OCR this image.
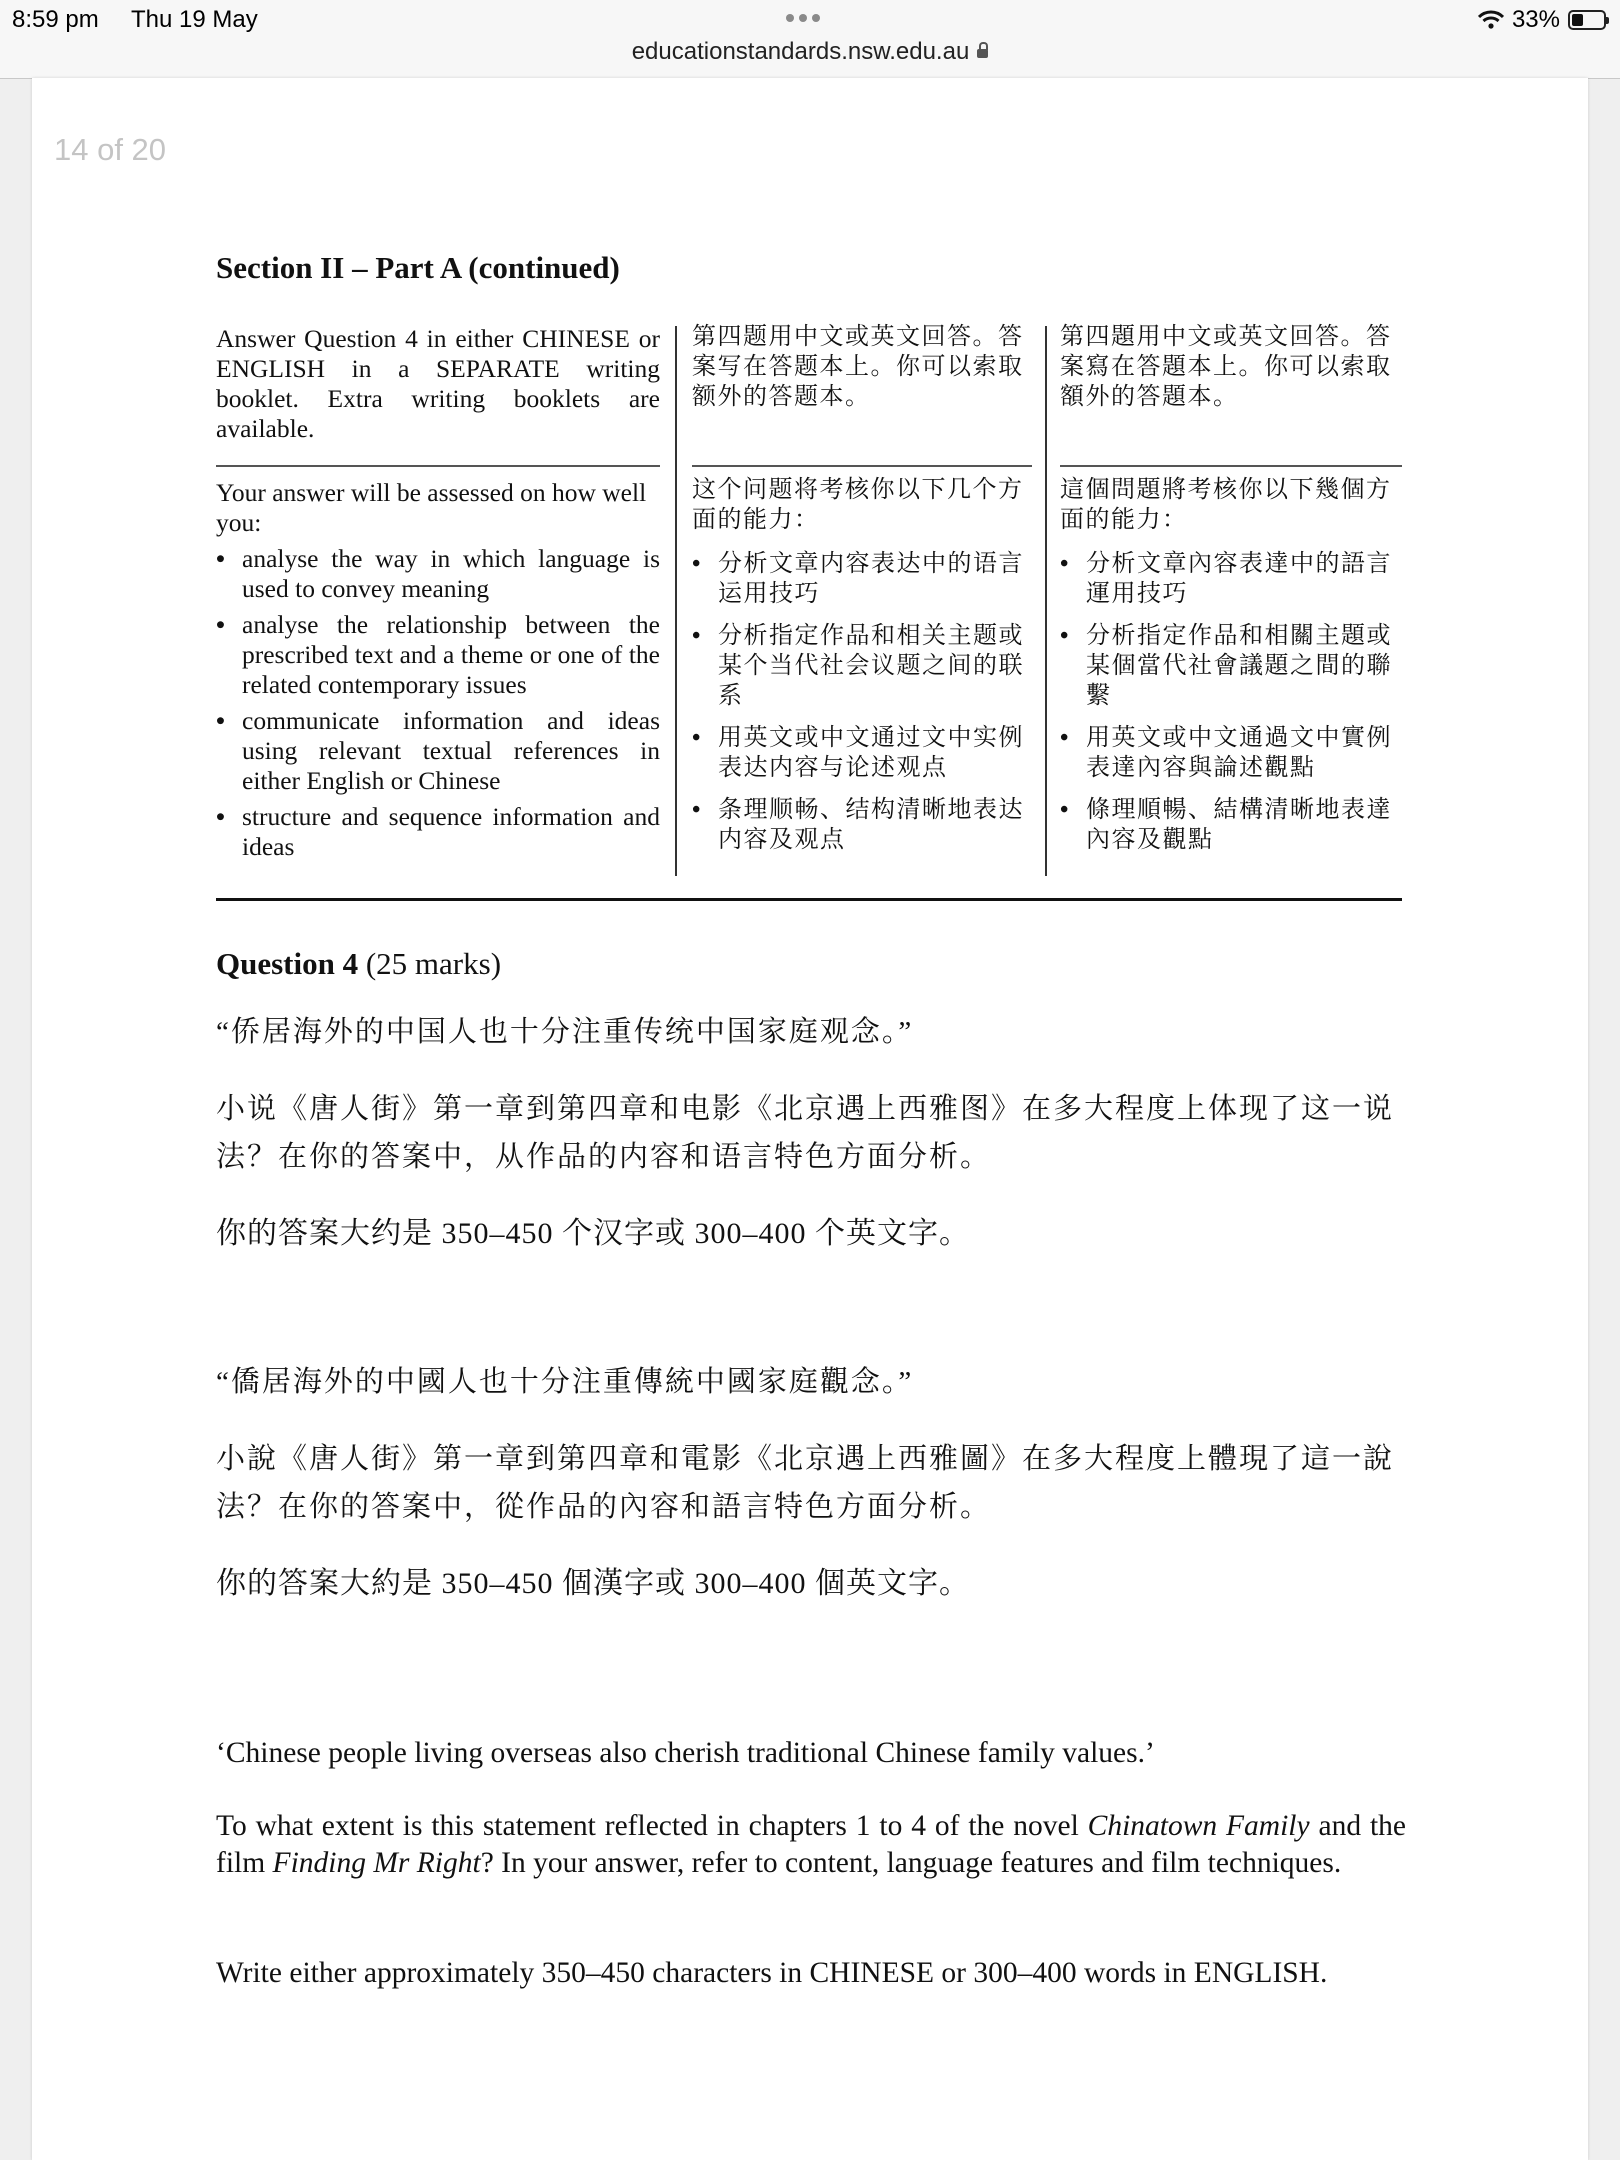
8:59 pm Thu 19 May
educationstandards.nsw.edu.au
33%
14 of 20
Section II – Part A (continued)

Answer Question 4 in either CHINESE or ENGLISH in a SEPARATE writing booklet. Extra writing booklets are available.

第四题用中文或英文回答。答案写在答题本上。你可以索取额外的答题本。

第四題用中文或英文回答。答案寫在答題本上。你可以索取額外的答題本。

Your answer will be assessed on how well you:

• analyse the way in which language is used to convey meaning
• analyse the relationship between the prescribed text and a theme or one of the related contemporary issues
• communicate information and ideas using relevant textual references in either English or Chinese
• structure and sequence information and ideas

这个问题将考核你以下几个方面的能力：

• 分析文章内容表达中的语言运用技巧
• 分析指定作品和相关主题或某个当代社会议题之间的联系
• 用英文或中文通过文中实例表达内容与论述观点
• 条理顺畅、结构清晰地表达内容及观点

這個問題將考核你以下幾個方面的能力：

• 分析文章內容表達中的語言運用技巧
• 分析指定作品和相關主題或某個當代社會議題之間的聯繫
• 用英文或中文通過文中實例表達內容與論述觀點
• 條理順暢、結構清晰地表達內容及觀點
Question 4 (25 marks)
“侨居海外的中国人也十分注重传统中国家庭观念。”
小说《唐人街》第一章到第四章和电影《北京遇上西雅图》在多大程度上体现了这一说法？在你的答案中，从作品的内容和语言特色方面分析。
你的答案大约是 350–450 个汉字或 300–400 个英文字。
“僑居海外的中國人也十分注重傳統中國家庭觀念。”
小說《唐人街》第一章到第四章和電影《北京遇上西雅圖》在多大程度上體現了這一說法？在你的答案中，從作品的內容和語言特色方面分析。
你的答案大約是 350–450 個漢字或 300–400 個英文字。
‘Chinese people living overseas also cherish traditional Chinese family values.’
To what extent is this statement reflected in chapters 1 to 4 of the novel Chinatown Family and the film Finding Mr Right? In your answer, refer to content, language features and film techniques.
Write either approximately 350–450 characters in CHINESE or 300–400 words in ENGLISH.
